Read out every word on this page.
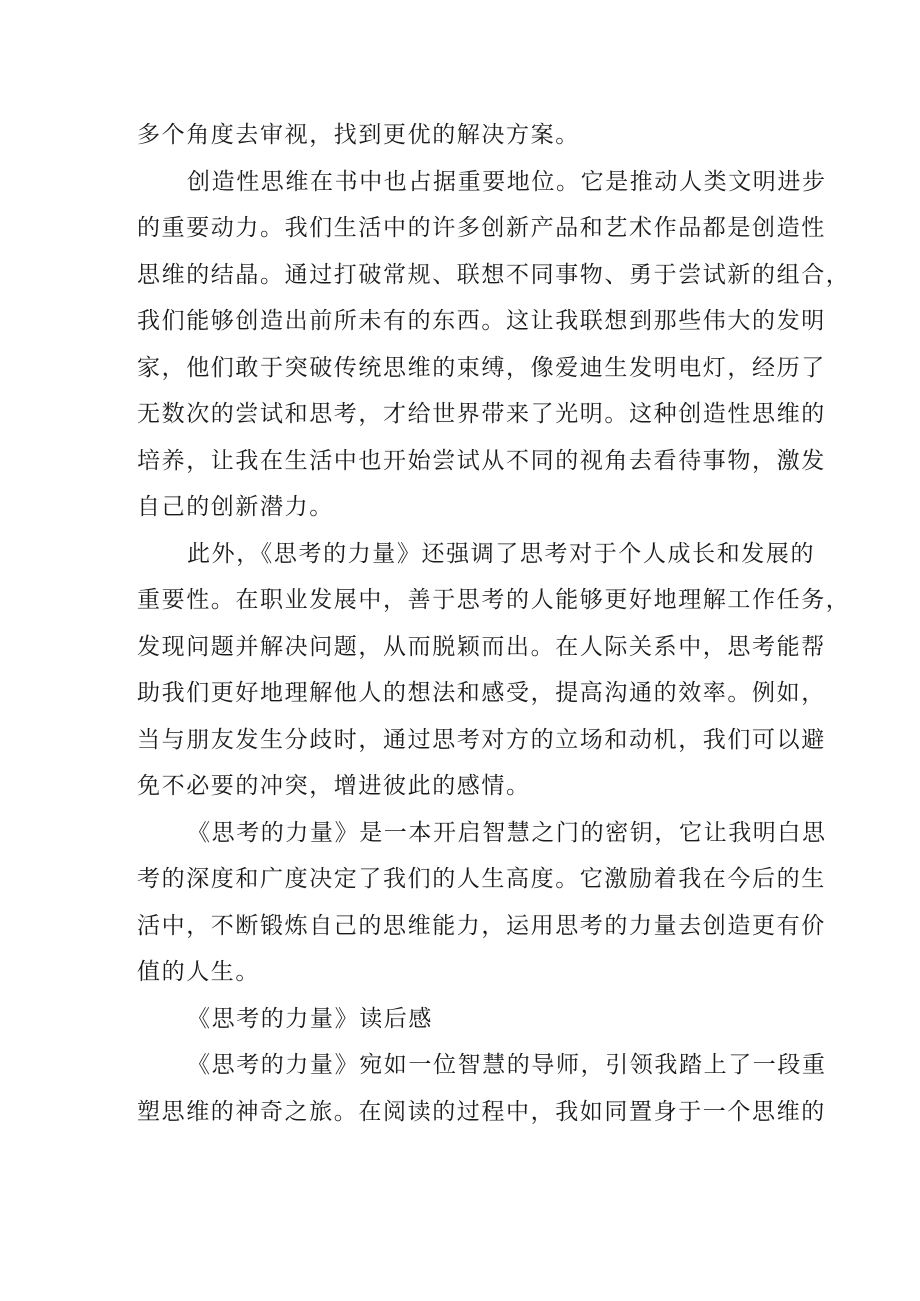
多个角度去审视，找到更优的解决方案。
创造性思维在书中也占据重要地位。它是推动人类文明进步
的重要动力。我们生活中的许多创新产品和艺术作品都是创造性
思维的结晶。通过打破常规、联想不同事物、勇于尝试新的组合，
我们能够创造出前所未有的东西。这让我联想到那些伟大的发明
家，他们敢于突破传统思维的束缚，像爱迪生发明电灯，经历了
无数次的尝试和思考，才给世界带来了光明。这种创造性思维的
培养，让我在生活中也开始尝试从不同的视角去看待事物，激发
自己的创新潜力。
此外，《思考的力量》还强调了思考对于个人成长和发展的
重要性。在职业发展中，善于思考的人能够更好地理解工作任务，
发现问题并解决问题，从而脱颖而出。在人际关系中，思考能帮
助我们更好地理解他人的想法和感受，提高沟通的效率。例如，
当与朋友发生分歧时，通过思考对方的立场和动机，我们可以避
免不必要的冲突，增进彼此的感情。
《思考的力量》是一本开启智慧之门的密钥，它让我明白思
考的深度和广度决定了我们的人生高度。它激励着我在今后的生
活中，不断锻炼自己的思维能力，运用思考的力量去创造更有价
值的人生。
《思考的力量》读后感
《思考的力量》宛如一位智慧的导师，引领我踏上了一段重
塑思维的神奇之旅。在阅读的过程中，我如同置身于一个思维的
